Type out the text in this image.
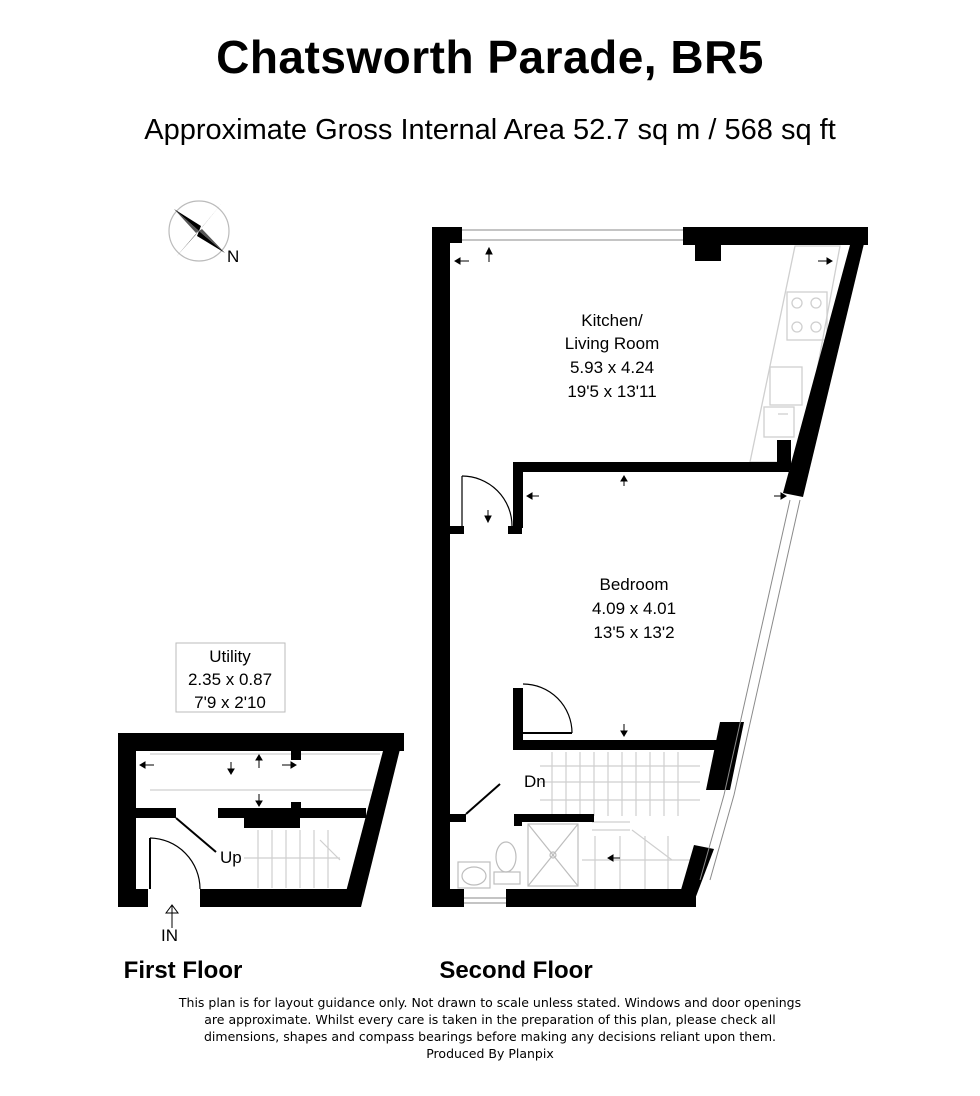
Chatsworth Parade, BR5
Approximate Gross Internal Area 52.7 sq m / 568 sq ft
N
Kitchen/
Living Room
5.93 x 4.24
19'5 x 13'11
Bedroom
4.09 x 4.01
13'5 x 13'2
Utility
2.35 x 0.87
7'9 x 2'10
Up
Dn
IN
First Floor	Second Floor
This plan is for layout guidance only. Not drawn to scale unless stated. Windows and door openings
are approximate. Whilst every care is taken in the preparation of this plan, please check all
dimensions, shapes and compass bearings before making any decisions reliant upon them.
Produced By Planpix
